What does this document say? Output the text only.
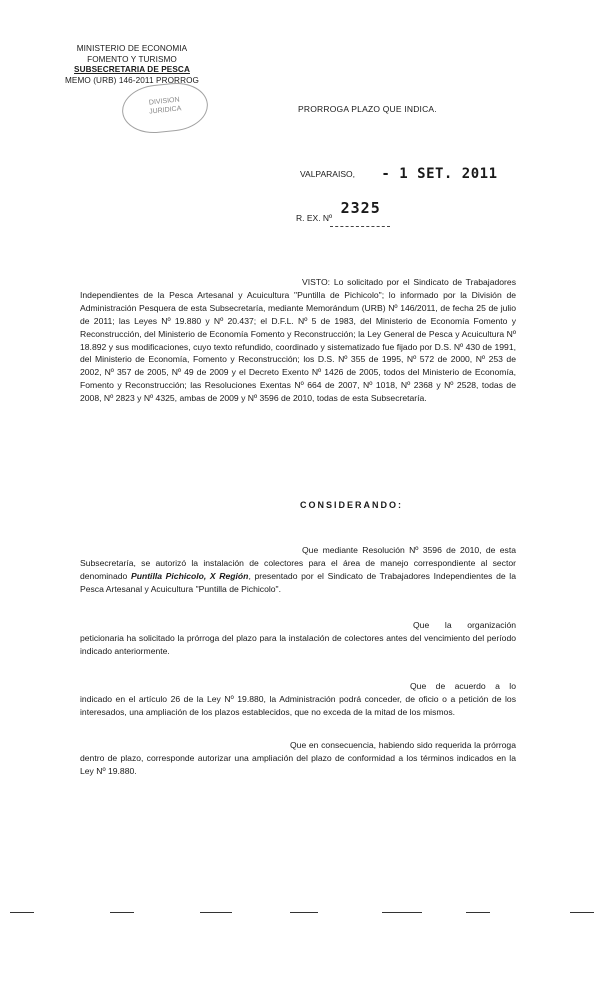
MINISTERIO DE ECONOMIA
FOMENTO Y TURISMO
SUBSECRETARIA DE PESCA
MEMO (URB) 146-2011 PRORROG
DIVISION
JURIDICA	PRORROGA PLAZO QUE INDICA.
VALPARAISO, - 1 SET. 2011
R. EX. Nº 2325
VISTO: Lo solicitado por el Sindicato de Trabajadores Independientes de la Pesca Artesanal y Acuicultura "Puntilla de Pichicolo"; lo informado por la División de Administración Pesquera de esta Subsecretaría, mediante Memorándum (URB) Nº 146/2011, de fecha 25 de julio de 2011; las Leyes Nº 19.880 y Nº 20.437; el D.F.L. Nº 5 de 1983, del Ministerio de Economía Fomento y Reconstrucción, del Ministerio de Economía Fomento y Reconstrucción; la Ley General de Pesca y Acuicultura Nº 18.892 y sus modificaciones, cuyo texto refundido, coordinado y sistematizado fue fijado por D.S. Nº 430 de 1991, del Ministerio de Economía, Fomento y Reconstrucción; los D.S. Nº 355 de 1995, Nº 572 de 2000, Nº 253 de 2002, Nº 357 de 2005, Nº 49 de 2009 y el Decreto Exento Nº 1426 de 2005, todos del Ministerio de Economía, Fomento y Reconstrucción; las Resoluciones Exentas Nº 664 de 2007, Nº 1018, Nº 2368 y Nº 2528, todas de 2008, Nº 2823 y Nº 4325, ambas de 2009 y Nº 3596 de 2010, todas de esta Subsecretaría.
CONSIDERANDO:
Que mediante Resolución Nº 3596 de 2010, de esta Subsecretaría, se autorizó la instalación de colectores para el área de manejo correspondiente al sector denominado Puntilla Pichicolo, X Región, presentado por el Sindicato de Trabajadores Independientes de la Pesca Artesanal y Acuicultura "Puntilla de Pichicolo".
Que la organización peticionaria ha solicitado la prórroga del plazo para la instalación de colectores antes del vencimiento del período indicado anteriormente.
Que de acuerdo a lo indicado en el artículo 26 de la Ley Nº 19.880, la Administración podrá conceder, de oficio o a petición de los interesados, una ampliación de los plazos establecidos, que no exceda de la mitad de los mismos.
Que en consecuencia, habiendo sido requerida la prórroga dentro de plazo, corresponde autorizar una ampliación del plazo de conformidad a los términos indicados en la Ley Nº 19.880.
